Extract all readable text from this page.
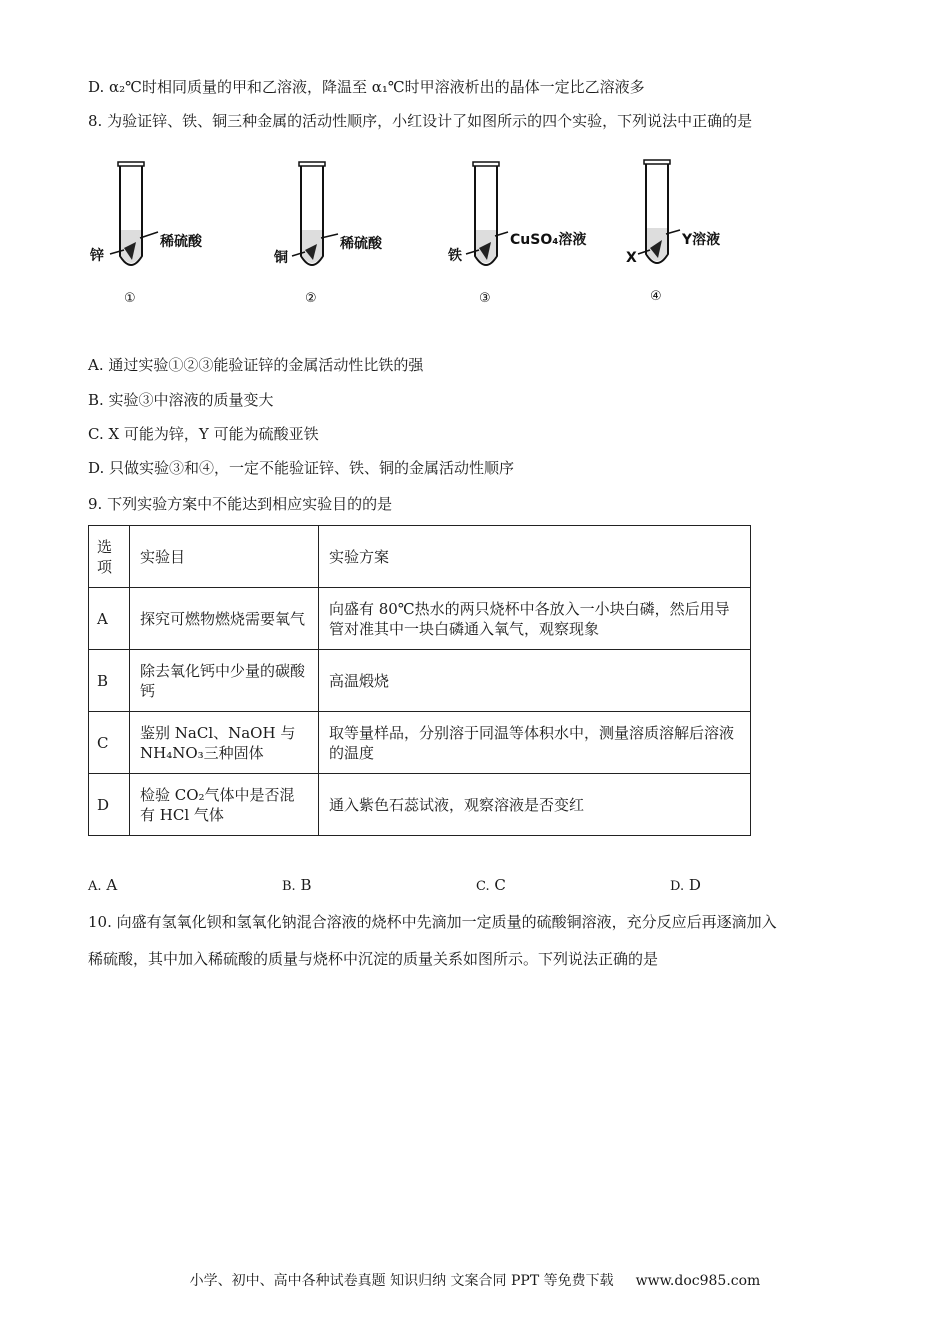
D. α₂℃时相同质量的甲和乙溶液，降温至 α₁℃时甲溶液析出的晶体一定比乙溶液多
8. 为验证锌、铁、铜三种金属的活动性顺序，小红设计了如图所示的四个实验，下列说法中正确的是
锌
稀硫酸
①
铜
稀硫酸
②
铁
CuSO₄溶液
③
X
Y溶液
④
A. 通过实验①②③能验证锌的金属活动性比铁的强
B. 实验③中溶液的质量变大
C. X 可能为锌，Y 可能为硫酸亚铁
D. 只做实验③和④，一定不能验证锌、铁、铜的金属活动性顺序
9. 下列实验方案中不能达到相应实验目的的是
选项	实验目	实验方案
A	探究可燃物燃烧需要氧气	向盛有 80℃热水的两只烧杯中各放入一小块白磷，然后用导管对准其中一块白磷通入氧气，观察现象
B	除去氧化钙中少量的碳酸钙	高温煅烧
C	鉴别 NaCl、NaOH 与 NH₄NO₃三种固体	取等量样品，分别溶于同温等体积水中，测量溶质溶解后溶液的温度
D	检验 CO₂气体中是否混有 HCl 气体	通入紫色石蕊试液，观察溶液是否变红
A. A	B. B	C. C	D. D
10. 向盛有氢氧化钡和氢氧化钠混合溶液的烧杯中先滴加一定质量的硫酸铜溶液，充分反应后再逐滴加入
稀硫酸，其中加入稀硫酸的质量与烧杯中沉淀的质量关系如图所示。下列说法正确的是
小学、初中、高中各种试卷真题 知识归纳 文案合同 PPT 等免费下载 www.doc985.com
